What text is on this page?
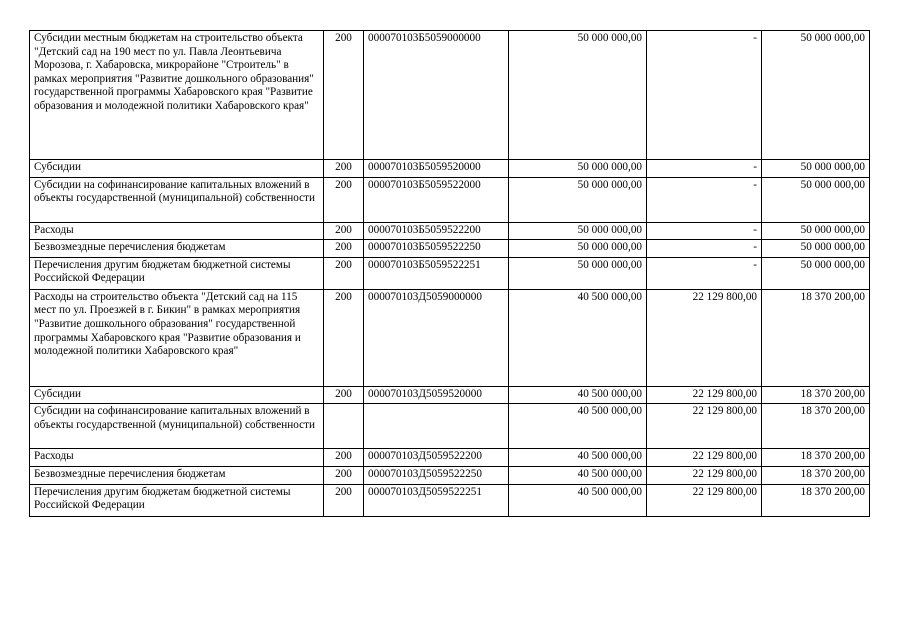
Субсидии местным бюджетам на строительство объекта "Детский сад на 190 мест по ул. Павла Леонтьевича Морозова, г. Хабаровска, микрорайоне "Строитель" в рамках мероприятия "Развитие дошкольного образования" государственной программы Хабаровского края "Развитие образования и молодежной политики Хабаровского края"	200	000070103Б5059000000	50 000 000,00	-	50 000 000,00
Субсидии	200	000070103Б5059520000	50 000 000,00	-	50 000 000,00
Субсидии на софинансирование капитальных вложений в объекты государственной (муниципальной) собственности	200	000070103Б5059522000	50 000 000,00	-	50 000 000,00
Расходы	200	000070103Б5059522200	50 000 000,00	-	50 000 000,00
Безвозмездные перечисления бюджетам	200	000070103Б5059522250	50 000 000,00	-	50 000 000,00
Перечисления другим бюджетам бюджетной системы Российской Федерации	200	000070103Б5059522251	50 000 000,00	-	50 000 000,00
Расходы на строительство объекта "Детский сад на 115 мест по ул. Проезжей в г. Бикин" в рамках мероприятия "Развитие дошкольного образования" государственной программы Хабаровского края "Развитие образования и молодежной политики Хабаровского края"	200	000070103Д5059000000	40 500 000,00	22 129 800,00	18 370 200,00
Субсидии	200	000070103Д5059520000	40 500 000,00	22 129 800,00	18 370 200,00
Субсидии на софинансирование капитальных вложений в объекты государственной (муниципальной) собственности			40 500 000,00	22 129 800,00	18 370 200,00
Расходы	200	000070103Д5059522200	40 500 000,00	22 129 800,00	18 370 200,00
Безвозмездные перечисления бюджетам	200	000070103Д5059522250	40 500 000,00	22 129 800,00	18 370 200,00
Перечисления другим бюджетам бюджетной системы Российской Федерации	200	000070103Д5059522251	40 500 000,00	22 129 800,00	18 370 200,00
